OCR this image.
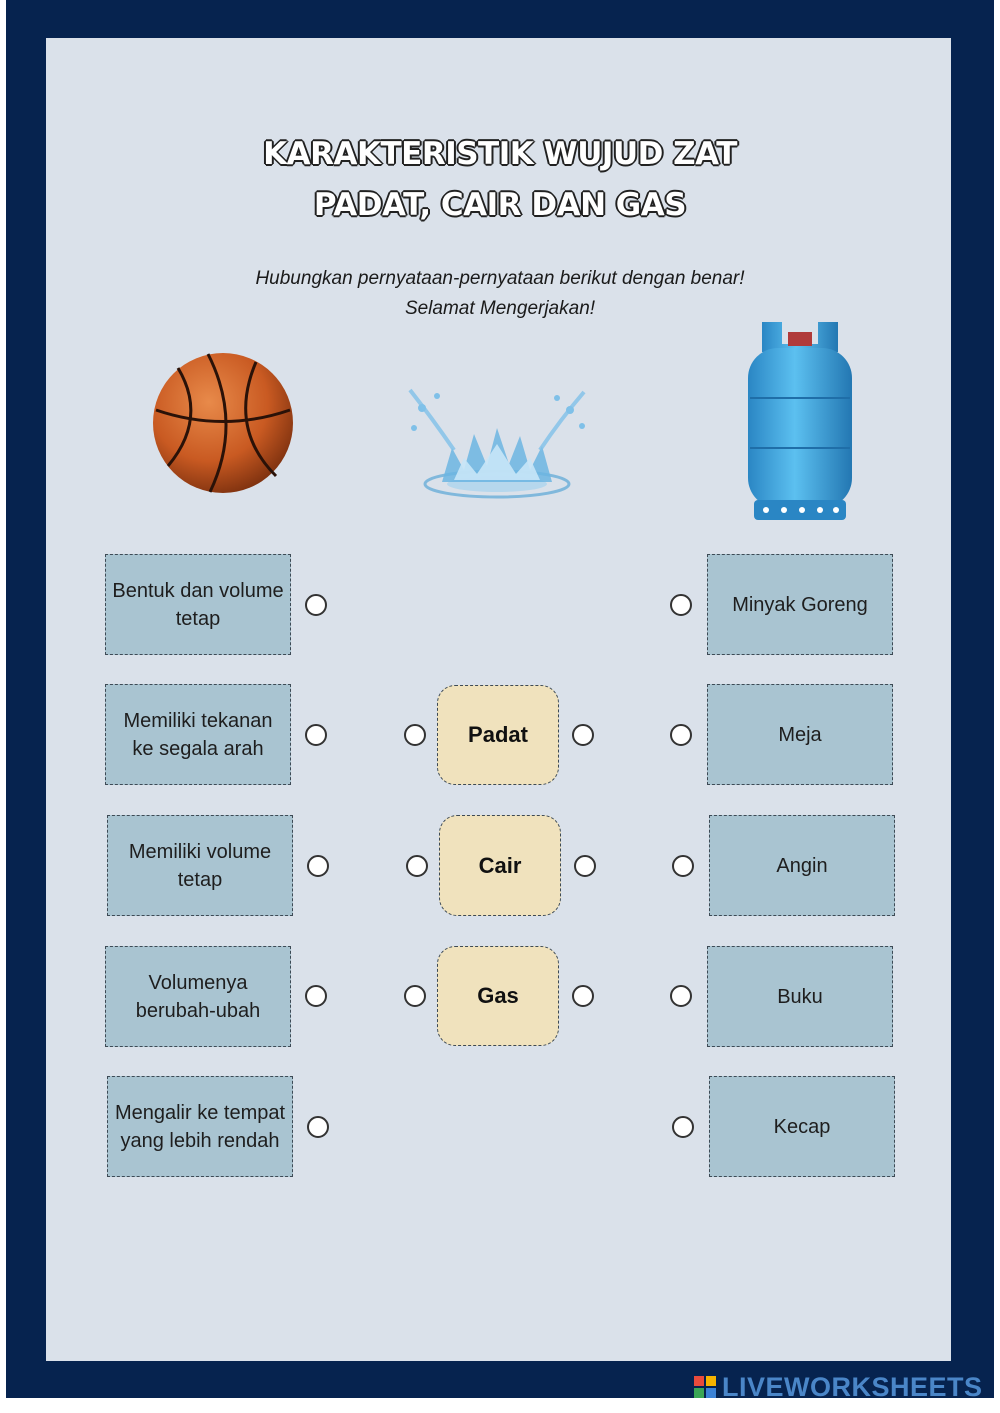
KARAKTERISTIK WUJUD ZAT
PADAT, CAIR DAN GAS
Hubungkan pernyataan-pernyataan berikut dengan benar!
Selamat Mengerjakan!
Bentuk dan volume tetap
Memiliki tekanan ke segala arah
Memiliki volume tetap
Volumenya berubah-ubah
Mengalir ke tempat yang lebih rendah
Padat
Cair
Gas
Minyak Goreng
Meja
Angin
Buku
Kecap
LIVEWORKSHEETS
